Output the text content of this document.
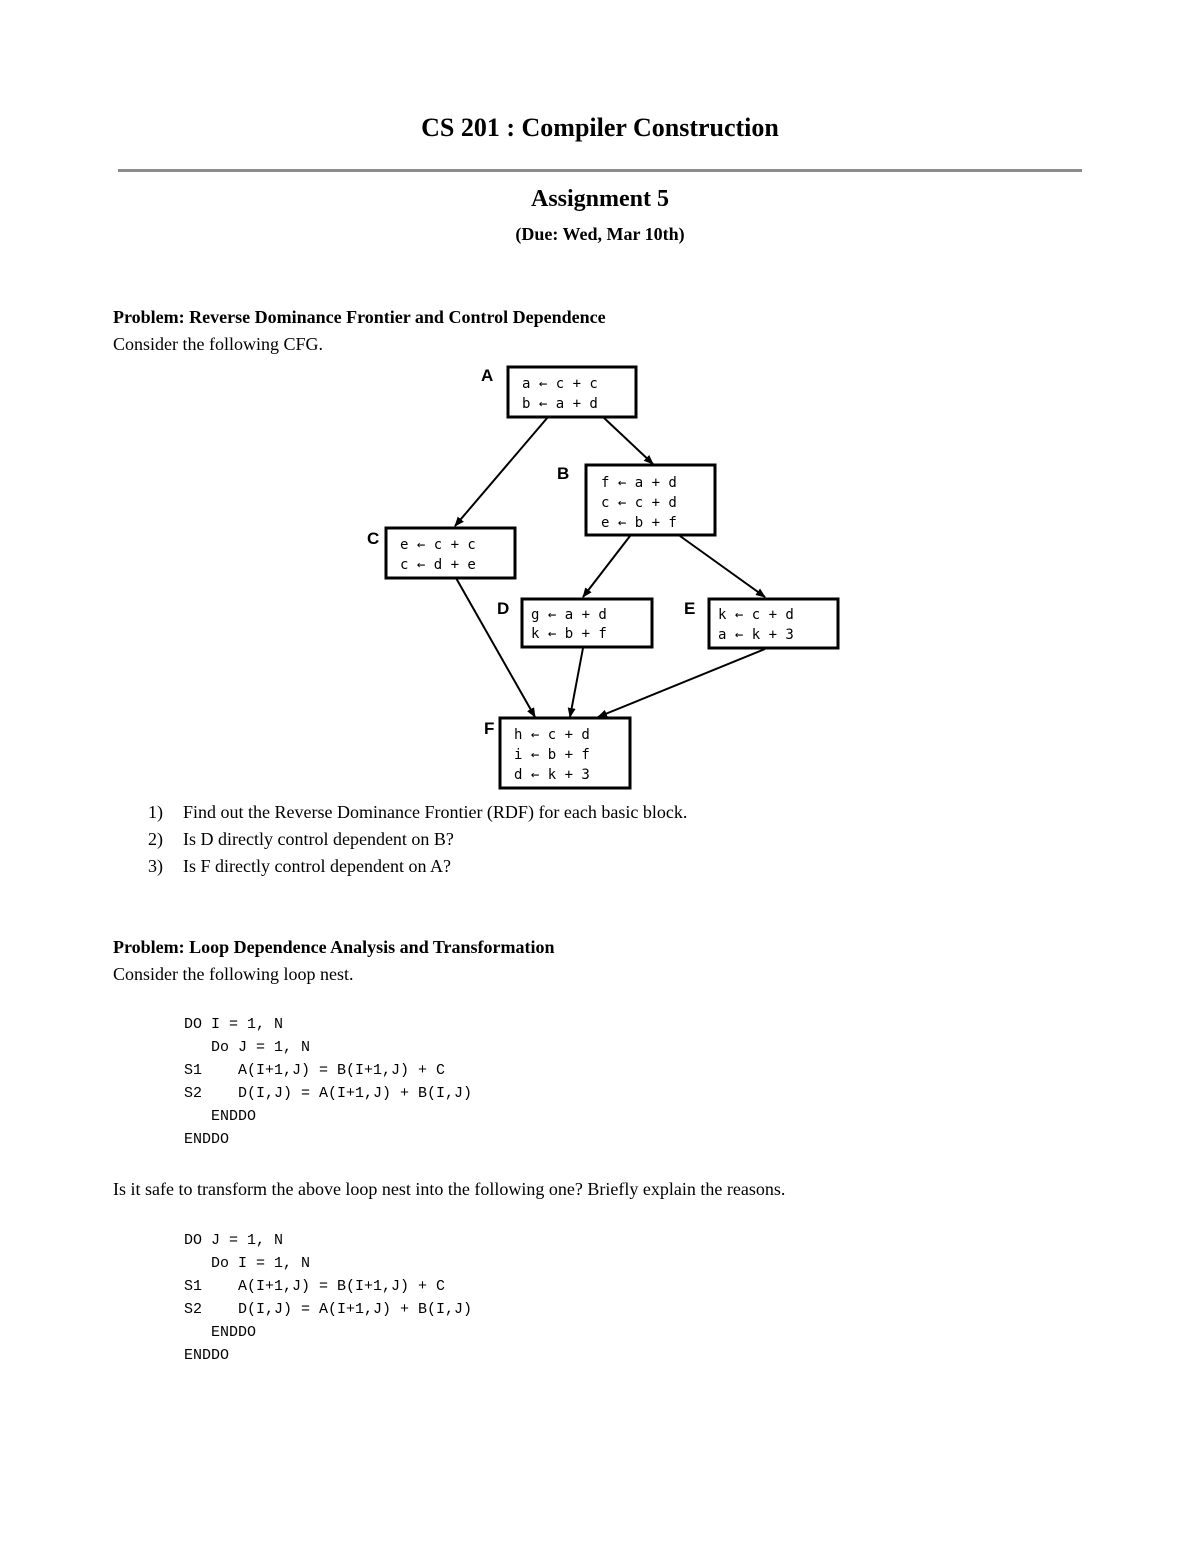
CS 201 : Compiler Construction
Assignment 5
(Due: Wed, Mar 10th)
Problem: Reverse Dominance Frontier and Control Dependence
Consider the following CFG.
A a ← c + c
b ← a + d
B f ← a + d
c ← c + d
e ← b + f
C e ← c + c
c ← d + e
D g ← a + d
k ← b + f
E k ← c + d
a ← k + 3
F h ← c + d
i ← b + f
d ← k + 3
1) Find out the Reverse Dominance Frontier (RDF) for each basic block.
2) Is D directly control dependent on B?
3) Is F directly control dependent on A?
Problem: Loop Dependence Analysis and Transformation
Consider the following loop nest.
DO I = 1, N
Do J = 1, N
S1    A(I+1,J) = B(I+1,J) + C
S2    D(I,J) = A(I+1,J) + B(I,J)
ENDDO
ENDDO
Is it safe to transform the above loop nest into the following one? Briefly explain the reasons.
DO J = 1, N
Do I = 1, N
S1    A(I+1,J) = B(I+1,J) + C
S2    D(I,J) = A(I+1,J) + B(I,J)
ENDDO
ENDDO
